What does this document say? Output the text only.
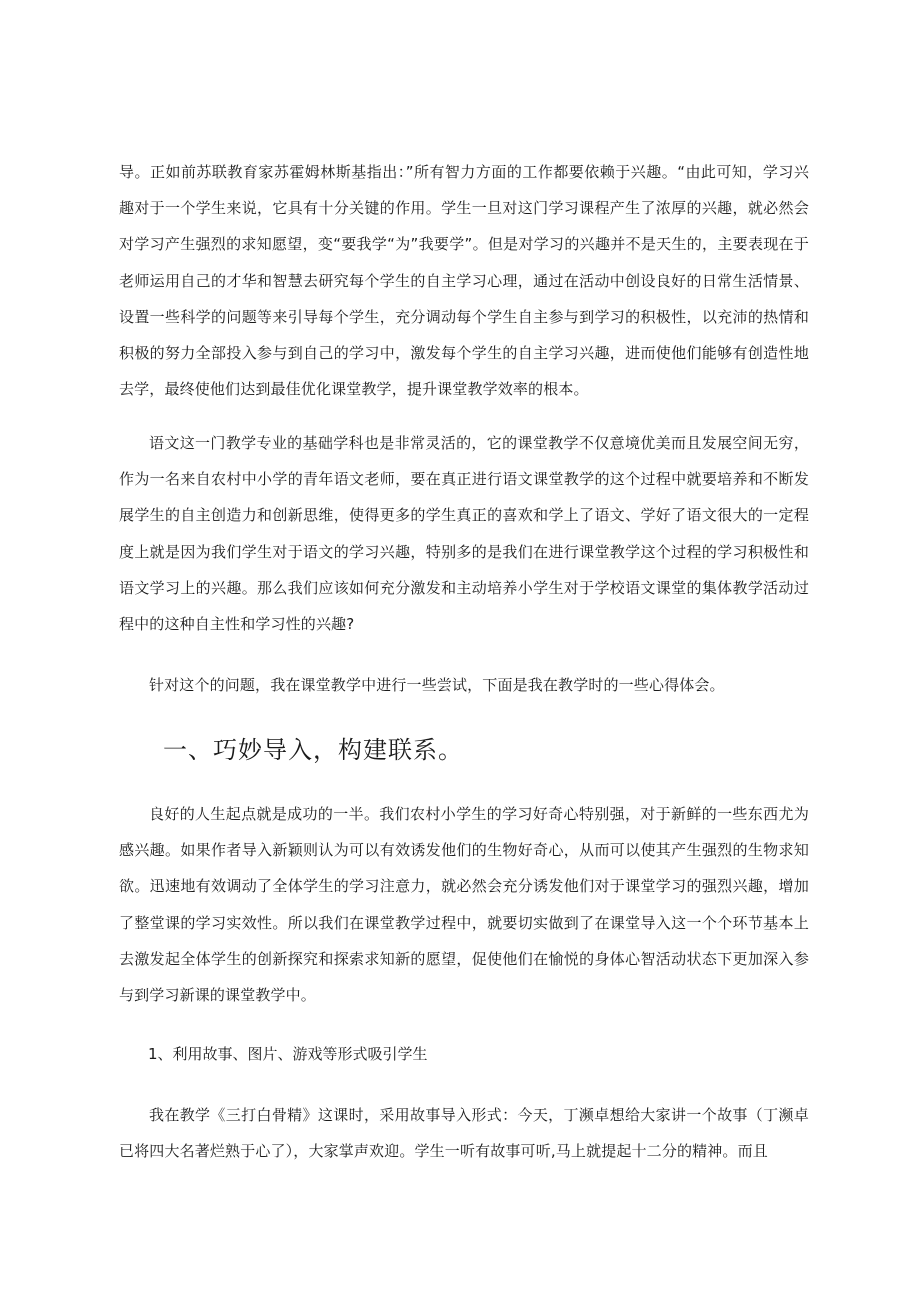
导。正如前苏联教育家苏霍姆林斯基指出：”所有智力方面的工作都要依赖于兴趣。“由此可知，学习兴趣对于一个学生来说，它具有十分关键的作用。学生一旦对这门学习课程产生了浓厚的兴趣，就必然会对学习产生强烈的求知愿望，变“要我学“为”我要学”。但是对学习的兴趣并不是天生的，主要表现在于老师运用自己的才华和智慧去研究每个学生的自主学习心理，通过在活动中创设良好的日常生活情景、设置一些科学的问题等来引导每个学生，充分调动每个学生自主参与到学习的积极性，以充沛的热情和积极的努力全部投入参与到自己的学习中，激发每个学生的自主学习兴趣，进而使他们能够有创造性地去学，最终使他们达到最佳优化课堂教学，提升课堂教学效率的根本。

语文这一门教学专业的基础学科也是非常灵活的，它的课堂教学不仅意境优美而且发展空间无穷，作为一名来自农村中小学的青年语文老师，要在真正进行语文课堂教学的这个过程中就要培养和不断发展学生的自主创造力和创新思维，使得更多的学生真正的喜欢和学上了语文、学好了语文很大的一定程度上就是因为我们学生对于语文的学习兴趣，特别多的是我们在进行课堂教学这个过程的学习积极性和语文学习上的兴趣。那么我们应该如何充分激发和主动培养小学生对于学校语文课堂的集体教学活动过程中的这种自主性和学习性的兴趣?

针对这个的问题，我在课堂教学中进行一些尝试，下面是我在教学时的一些心得体会。

一、巧妙导入，构建联系。

良好的人生起点就是成功的一半。我们农村小学生的学习好奇心特别强，对于新鲜的一些东西尤为感兴趣。如果作者导入新颖则认为可以有效诱发他们的生物好奇心，从而可以使其产生强烈的生物求知欲。迅速地有效调动了全体学生的学习注意力，就必然会充分诱发他们对于课堂学习的强烈兴趣，增加了整堂课的学习实效性。所以我们在课堂教学过程中，就要切实做到了在课堂导入这一个个环节基本上去激发起全体学生的创新探究和探索求知新的愿望，促使他们在愉悦的身体心智活动状态下更加深入参与到学习新课的课堂教学中。

1、利用故事、图片、游戏等形式吸引学生

我在教学《三打白骨精》这课时，采用故事导入形式：今天，丁濒卓想给大家讲一个故事（丁濒卓已将四大名著烂熟于心了），大家掌声欢迎。学生一听有故事可听,马上就提起十二分的精神。而且
